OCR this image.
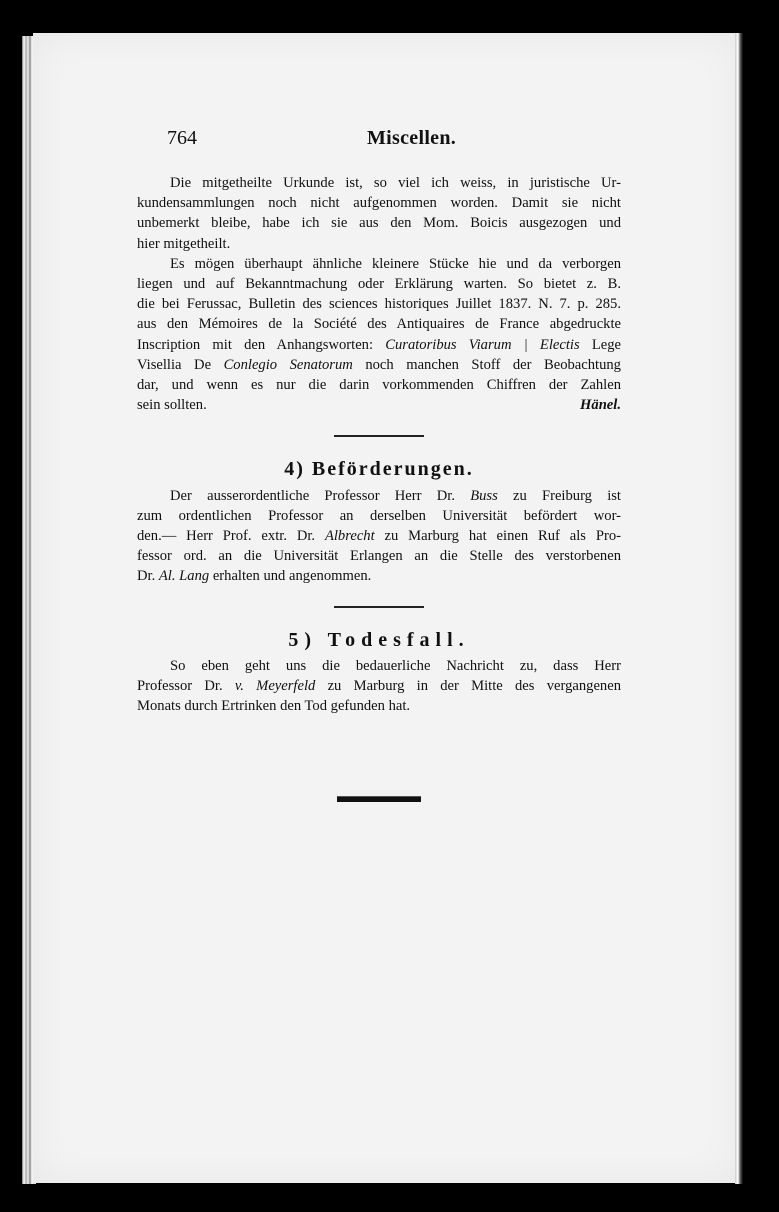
764	Miscellen.

Die mitgetheilte Urkunde ist, so viel ich weiss, in juristische Ur-
kundensammlungen noch nicht aufgenommen worden. Damit sie nicht
unbemerkt bleibe, habe ich sie aus den Mom. Boicis ausgezogen und
hier mitgetheilt.

Es mögen überhaupt ähnliche kleinere Stücke hie und da verborgen
liegen und auf Bekanntmachung oder Erklärung warten. So bietet z. B.
die bei Ferussac, Bulletin des sciences historiques Juillet 1837. N. 7. p. 285.
aus den Mémoires de la Société des Antiquaires de France abgedruckte
Inscription mit den Anhangsworten: Curatoribus Viarum | Electis Lege
Visellia De Conlegio Senatorum noch manchen Stoff der Beobachtung
dar, und wenn es nur die darin vorkommenden Chiffren der Zahlen
sein sollten.	Hänel.

4) Beförderungen.

Der ausserordentliche Professor Herr Dr. Buss zu Freiburg ist
zum ordentlichen Professor an derselben Universität befördert wor-
den.— Herr Prof. extr. Dr. Albrecht zu Marburg hat einen Ruf als Pro-
fessor ord. an die Universität Erlangen an die Stelle des verstorbenen
Dr. Al. Lang erhalten und angenommen.

5) Todesfall.

So eben geht uns die bedauerliche Nachricht zu, dass Herr
Professor Dr. v. Meyerfeld zu Marburg in der Mitte des vergangenen
Monats durch Ertrinken den Tod gefunden hat.
